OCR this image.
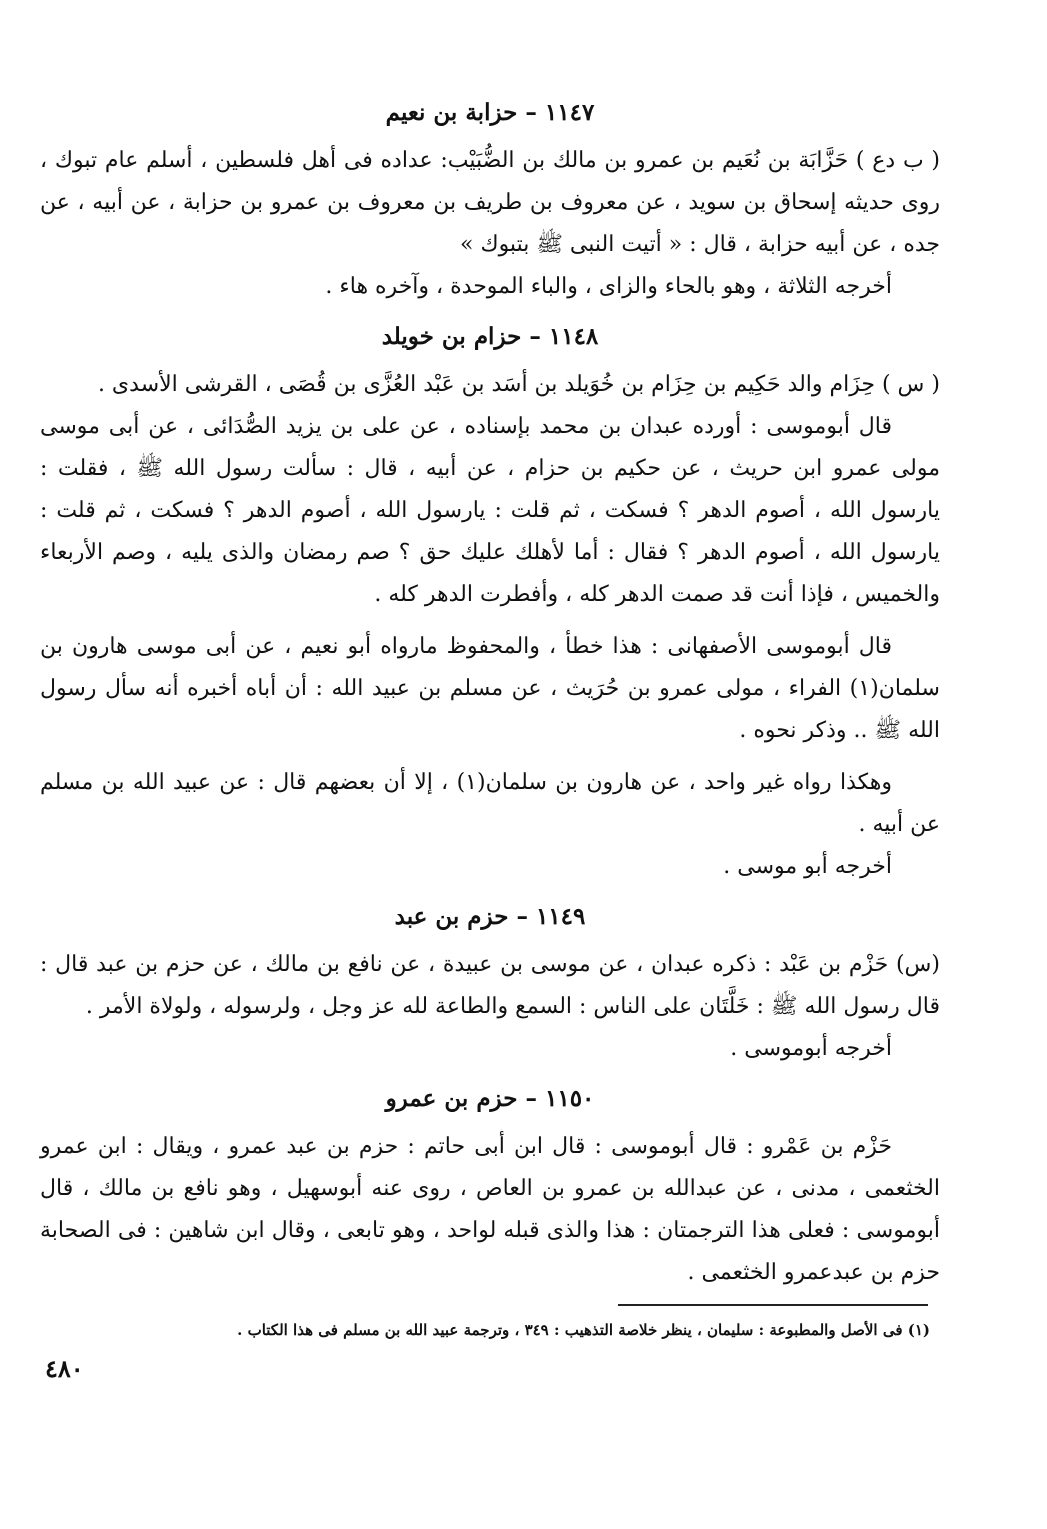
١١٤٧ – حزابة بن نعيم

( ب دع ) حَزَّابَة بن نُعَيم بن عمرو بن مالك بن الضُّبَيْب: عداده فى أهل فلسطين ، أسلم عام تبوك ، روى حديثه إسحاق بن سويد ، عن معروف بن طريف بن معروف بن عمرو بن حزابة ، عن أبيه ، عن جده ، عن أبيه حزابة ، قال : « أتيت النبى ﷺ بتبوك »

أخرجه الثلاثة ، وهو بالحاء والزاى ، والباء الموحدة ، وآخره هاء .

١١٤٨ – حزام بن خويلد

( س ) حِزَام والد حَكِيم بن حِزَام بن خُوَيلد بن أسَد بن عَبْد العُزَّى بن قُصَى ، القرشى الأسدى .

قال أبوموسى : أورده عبدان بن محمد بإسناده ، عن على بن يزيد الصُّدَائى ، عن أبى موسى مولى عمرو ابن حريث ، عن حكيم بن حزام ، عن أبيه ، قال : سألت رسول الله ﷺ ، فقلت : يارسول الله ، أصوم الدهر ؟ فسكت ، ثم قلت : يارسول الله ، أصوم الدهر ؟ فسكت ، ثم قلت : يارسول الله ، أصوم الدهر ؟ فقال : أما لأهلك عليك حق ؟ صم رمضان والذى يليه ، وصم الأربعاء والخميس ، فإذا أنت قد صمت الدهر كله ، وأفطرت الدهر كله .

قال أبوموسى الأصفهانى : هذا خطأ ، والمحفوظ مارواه أبو نعيم ، عن أبى موسى هارون بن سلمان(١) الفراء ، مولى عمرو بن حُرَيث ، عن مسلم بن عبيد الله : أن أباه أخبره أنه سأل رسول الله ﷺ .. وذكر نحوه .

وهكذا رواه غير واحد ، عن هارون بن سلمان(١) ، إلا أن بعضهم قال : عن عبيد الله بن مسلم عن أبيه .

أخرجه أبو موسى .

١١٤٩ – حزم بن عبد

(س) حَزْم بن عَبْد : ذكره عبدان ، عن موسى بن عبيدة ، عن نافع بن مالك ، عن حزم بن عبد قال : قال رسول الله ﷺ : خَلَّتَان على الناس : السمع والطاعة لله عز وجل ، ولرسوله ، ولولاة الأمر .

أخرجه أبوموسى .

١١٥٠ – حزم بن عمرو

حَزْم بن عَمْرو : قال أبوموسى : قال ابن أبى حاتم : حزم بن عبد عمرو ، ويقال : ابن عمرو الخثعمى ، مدنى ، عن عبدالله بن عمرو بن العاص ، روى عنه أبوسهيل ، وهو نافع بن مالك ، قال أبوموسى : فعلى هذا الترجمتان : هذا والذى قبله لواحد ، وهو تابعى ، وقال ابن شاهين : فى الصحابة حزم بن عبدعمرو الخثعمى .

(١) فى الأصل والمطبوعة : سليمان ، ينظر خلاصة التذهيب : ٣٤٩ ، وترجمة عبيد الله بن مسلم فى هذا الكتاب .
٤٨٠
